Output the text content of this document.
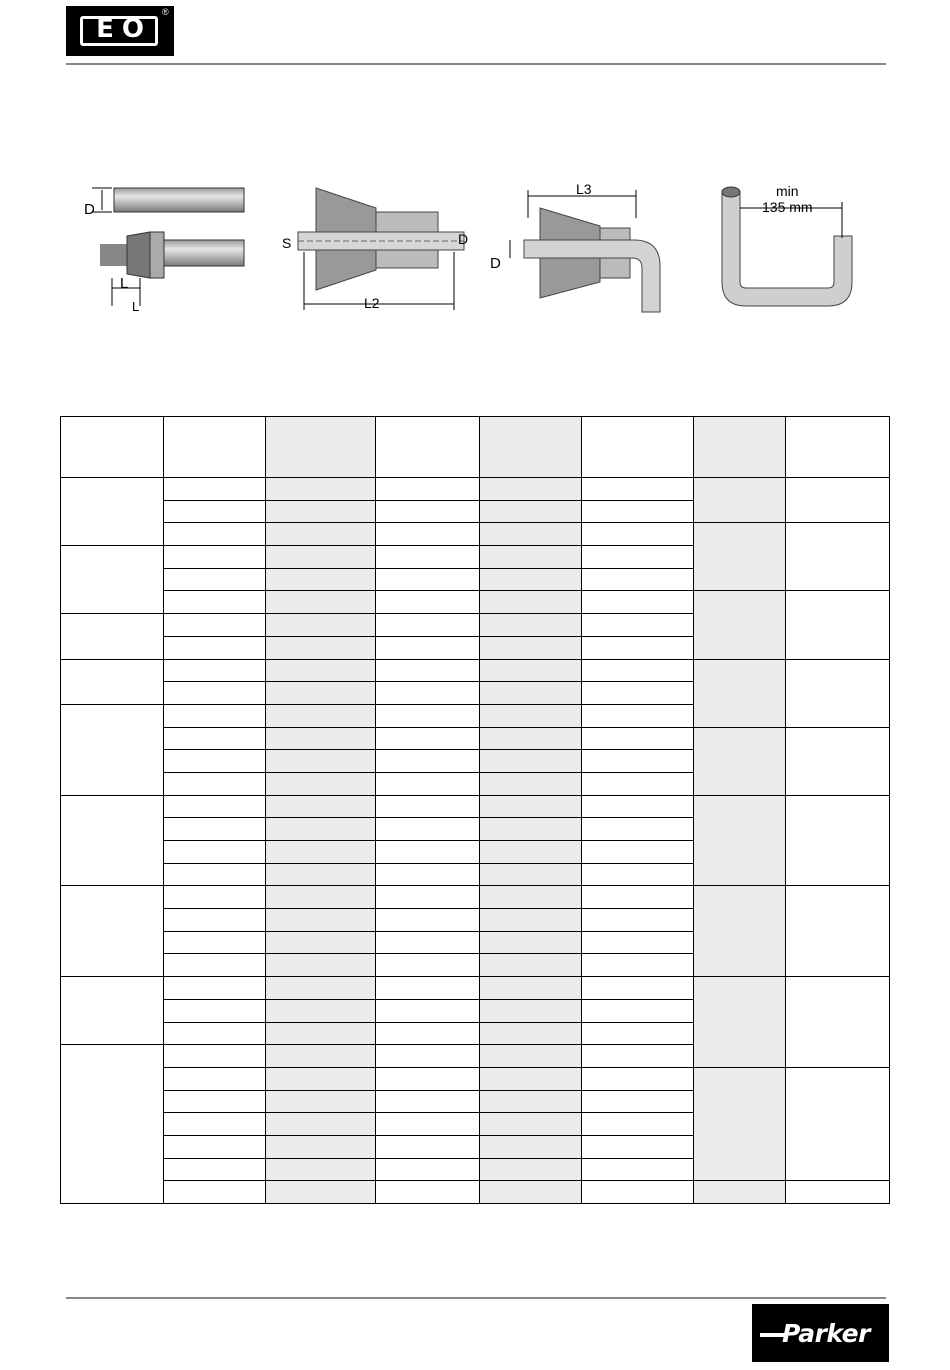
EO
®
D
L
L
S	D
L2
L3
D
min
135 mm

Parker
